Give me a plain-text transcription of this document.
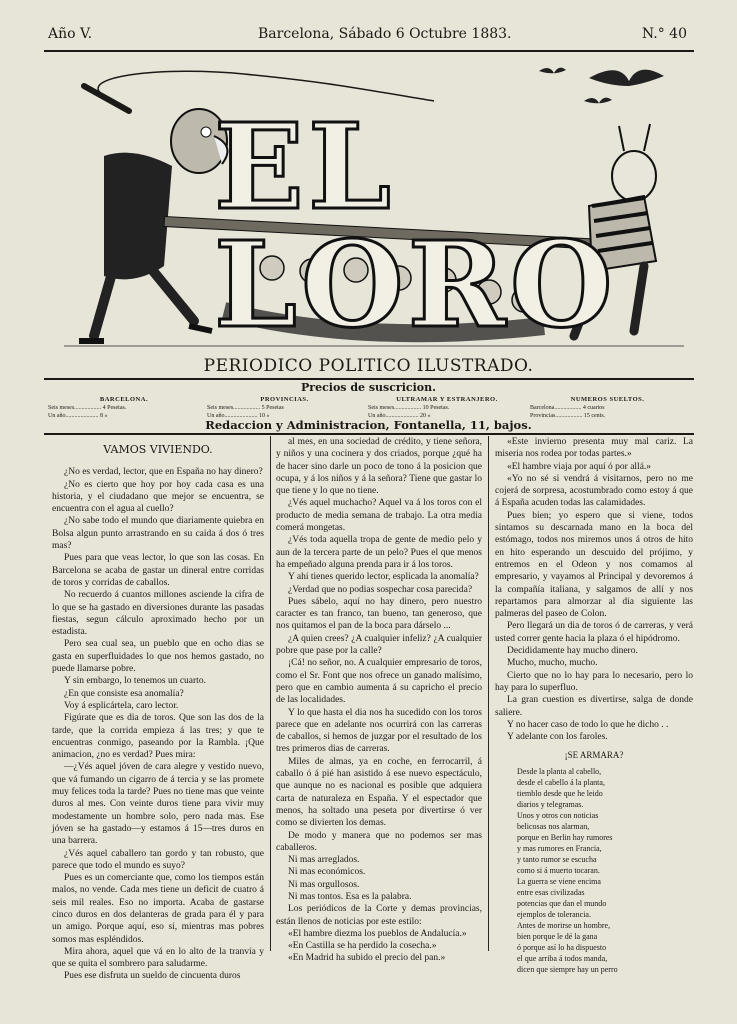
Año V.	Barcelona, Sábado 6 Octubre 1883.	N.° 40
EL LORO
PERIODICO POLITICO ILUSTRADO.
Precios de suscricion.
BARCELONA.
Seis meses.................. 4 Pesetas.
Un año...................... 8 »
PROVINCIAS.
Seis meses.................. 5 Pesetas
Un año...................... 10 »
ULTRAMAR Y ESTRANJERO.
Seis meses.................. 10 Pesetas.
Un año...................... 20 »
NUMEROS SUELTOS.
Barcelona.................. 4 cuartos
Provincias.................. 15 cents.
Redaccion y Administracion, Fontanella, 11, bajos.

VAMOS VIVIENDO.

¿No es verdad, lector, que en España no hay dinero?

¿No es cierto que hoy por hoy cada casa es una historia, y el ciudadano que mejor se encuentra, se encuentra con el agua al cuello?

¿No sabe todo el mundo que diariamente quiebra en Bolsa algun punto arrastrando en su caida á dos ó tres mas?

Pues para que veas lector, lo que son las cosas. En Barcelona se acaba de gastar un dineral entre corridas de toros y corridas de caballos.

No recuerdo á cuantos millones asciende la cifra de lo que se ha gastado en diversiones durante las pasadas fiestas, segun cálculo aproximado hecho por un estadista.

Pero sea cual sea, un pueblo que en ocho dias se gasta en superfluidades lo que nos hemos gastado, no puede llamarse pobre.

Y sin embargo, lo tenemos un cuarto.

¿En que consiste esa anomalía?

Voy á esplicártela, caro lector.

Figúrate que es dia de toros. Que son las dos de la tarde, que la corrida empieza á las tres; y que te encuentras conmigo, paseando por la Rambla. ¡Que animacion, ¿no es verdad? Pues mira:

—¿Vés aquel jóven de cara alegre y vestido nuevo, que vá fumando un cigarro de á tercia y se las promete muy felices toda la tarde? Pues no tiene mas que veinte duros al mes. Con veinte duros tiene para vivir muy modestamente un hombre solo, pero nada mas. Ese jóven se ha gastado—y estamos á 15—tres duros en una barrera.

¿Vés aquel caballero tan gordo y tan robusto, que parece que todo el mundo es suyo?

Pues es un comerciante que, como los tiempos están malos, no vende. Cada mes tiene un deficit de cuatro á seis mil reales. Eso no importa. Acaba de gastarse cinco duros en dos delanteras de grada para él y para un amigo. Porque aquí, eso sí, mientras mas pobres somos mas espléndidos.

Mira ahora, aquel que vá en lo alto de la tranvía y que se quita el sombrero para saludarme.

Pues ese disfruta un sueldo de cincuenta duros

al mes, en una sociedad de crédito, y tiene señora, y niños y una cocinera y dos criados, porque ¿qué ha de hacer sino darle un poco de tono á la posicion que ocupa, y á los niños y á la señora? Tiene que gastar lo que tiene y lo que no tiene.

¿Vés aquel muchacho? Aquel va á los toros con el producto de media semana de trabajo. La otra media comerá mongetas.

¿Vés toda aquella tropa de gente de medio pelo y aun de la tercera parte de un pelo? Pues el que menos ha empeñado alguna prenda para ir á los toros.

Y ahí tienes querido lector, esplicada la anomalía?

¿Verdad que no podias sospechar cosa parecida?

Pues sábelo, aquí no hay dinero, pero nuestro caracter es tan franco, tan bueno, tan generoso, que nos quitamos el pan de la boca para dárselo ...

¿A quien crees? ¿A cualquier infeliz? ¿A cualquier pobre que pase por la calle?

¡Cá! no señor, no. A cualquier empresario de toros, como el Sr. Font que nos ofrece un ganado malísimo, pero que en cambio aumenta á su capricho el precio de las localidades.

Y lo que hasta el dia nos ha sucedido con los toros parece que en adelante nos ocurrirá con las carreras de caballos, si hemos de juzgar por el resultado de los tres primeros dias de carreras.

Miles de almas, ya en coche, en ferrocarril, á caballo ó á pié han asistido á ese nuevo espectáculo, que aunque no es nacional es posible que adquiera carta de naturaleza en España. Y el espectador que menos, ha soltado una peseta por divertirse ó ver como se divierten los demas.

De modo y manera que no podemos ser mas caballeros.

Ni mas arreglados.

Ni mas económicos.

Ni mas orgullosos.

Ni mas tontos. Esa es la palabra.

Los periódicos de la Corte y demas provincias, están llenos de noticias por este estilo:

«El hambre diezma los pueblos de Andalucía.»

«En Castilla se ha perdido la cosecha.»

«En Madrid ha subido el precio del pan.»

«Este invierno presenta muy mal cariz. La miseria nos rodea por todas partes.»

«El hambre viaja por aquí ó por allá.»

«Yo no sé si vendrá á visitarnos, pero no me cojerá de sorpresa, acostumbrado como estoy á que á España acuden todas las calamidades.

Pues bien; yo espero que si viene, todos sintamos su descarnada mano en la boca del estómago, todos nos miremos unos á otros de hito en hito esperando un descuido del prójimo, y entremos en el Odeon y nos comamos al empresario, y vayamos al Principal y devoremos á la compañía italiana, y salgamos de allí y nos repartamos para almorzar al dia siguiente las palmeras del paseo de Colon.

Pero llegará un dia de toros ó de carreras, y verá usted correr gente hacia la plaza ó el hipódromo.

Decididamente hay mucho dinero.

Mucho, mucho, mucho.

Cierto que no lo hay para lo necesario, pero lo hay para lo superfluo.

La gran cuestion es divertirse, salga de donde saliere.

Y no hacer caso de todo lo que he dicho . .

Y adelante con los faroles.

¡SE ARMARA?

Desde la planta al cabello,
desde el cabello á la planta,
tiemblo desde que he leido
diarios y telegramas.
Unos y otros con noticias
belicosas nos alarman,
porque en Berlin hay rumores
y mas rumores en Francia,
y tanto rumor se escucha
como si á muerto tocaran.
La guerra se viene encima
entre esas civilizadas
potencias que dan el mundo
ejemplos de tolerancia.
Antes de morirse un hombre,
bien porque le dé la gana
ó porque así lo ha dispuesto
el que arriba á todos manda,
dicen que siempre hay un perro
